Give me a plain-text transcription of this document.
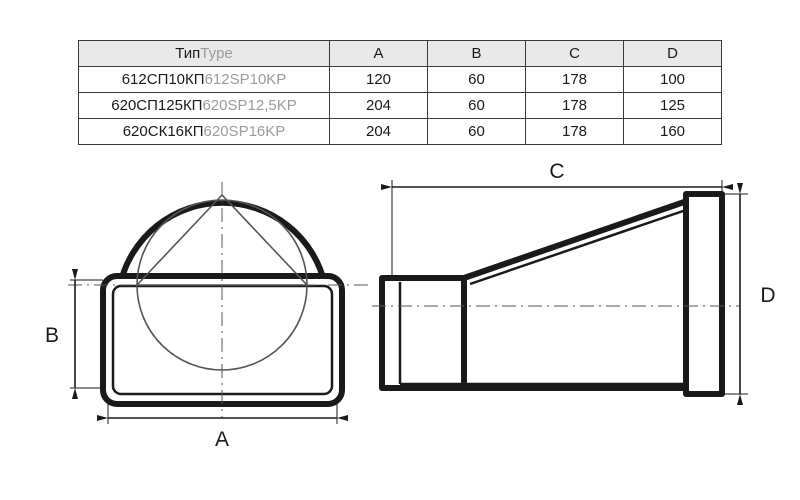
ТипType	A	B	C	D
612СП10КП612SP10KP	120	60	178	100
620СП125КП620SP12,5KP	204	60	178	125
620СК16КП620SP16KP	204	60	178	160
B
A
C
D
